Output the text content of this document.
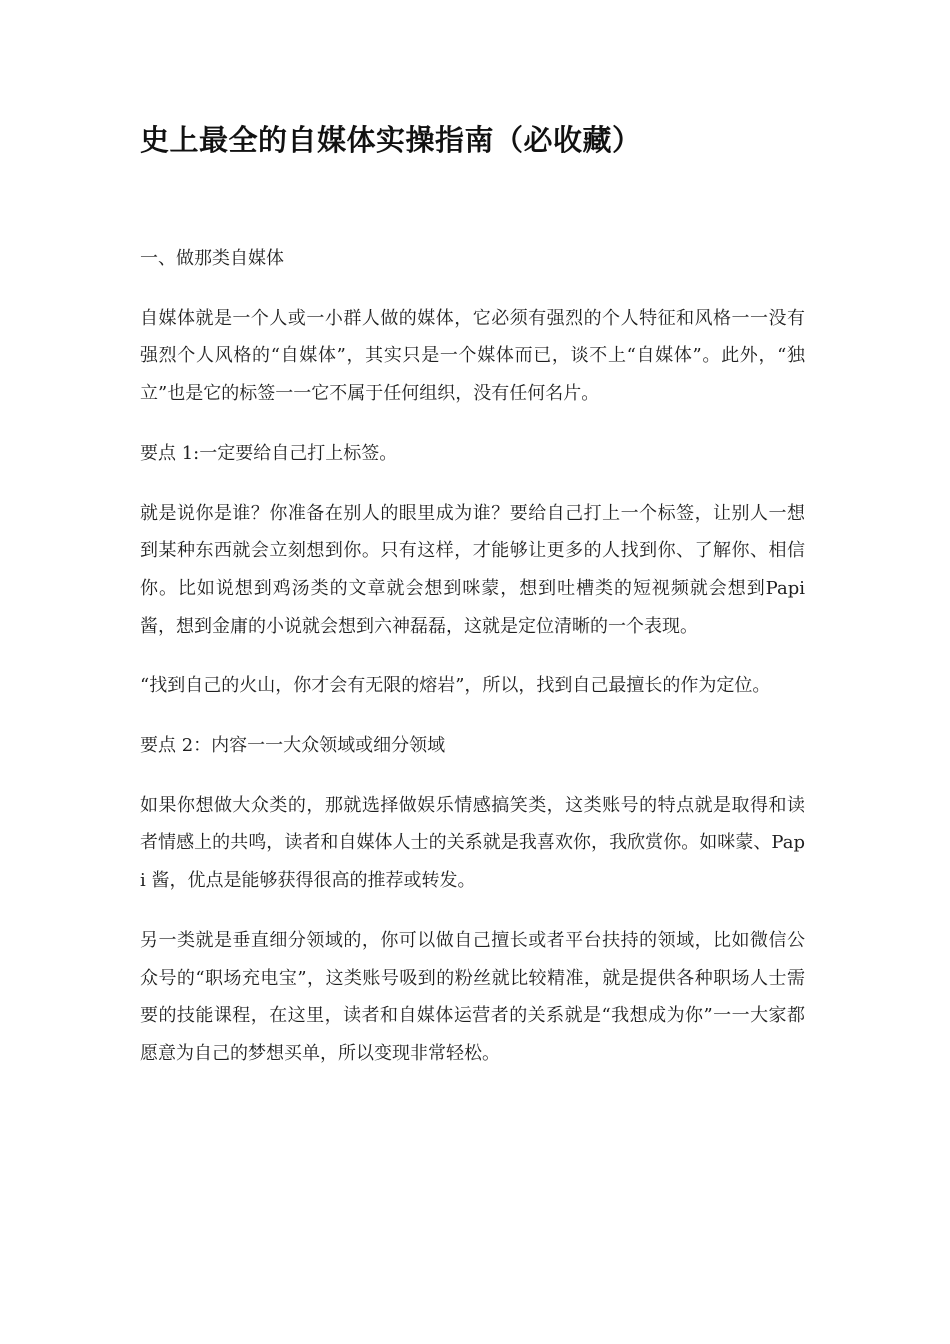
史上最全的自媒体实操指南（必收藏）

一、做那类自媒体

自媒体就是一个人或一小群人做的媒体，它必须有强烈的个人特征和风格一一没有强烈个人风格的“自媒体”，其实只是一个媒体而已，谈不上“自媒体”。此外，“独立”也是它的标签一一它不属于任何组织，没有任何名片。

要点 1:一定要给自己打上标签。

就是说你是谁？你准备在别人的眼里成为谁？要给自己打上一个标签，让别人一想到某种东西就会立刻想到你。只有这样，才能够让更多的人找到你、了解你、相信你。比如说想到鸡汤类的文章就会想到咪蒙，想到吐槽类的短视频就会想到Papi 酱，想到金庸的小说就会想到六神磊磊，这就是定位清晰的一个表现。

“找到自己的火山，你才会有无限的熔岩”，所以，找到自己最擅长的作为定位。

要点 2：内容一一大众领域或细分领域

如果你想做大众类的，那就选择做娱乐情感搞笑类，这类账号的特点就是取得和读者情感上的共鸣，读者和自媒体人士的关系就是我喜欢你，我欣赏你。如咪蒙、Papi 酱，优点是能够获得很高的推荐或转发。

另一类就是垂直细分领域的，你可以做自己擅长或者平台扶持的领域，比如微信公众号的“职场充电宝”，这类账号吸到的粉丝就比较精准，就是提供各种职场人士需要的技能课程，在这里，读者和自媒体运营者的关系就是“我想成为你”一一大家都愿意为自己的梦想买单，所以变现非常轻松。
